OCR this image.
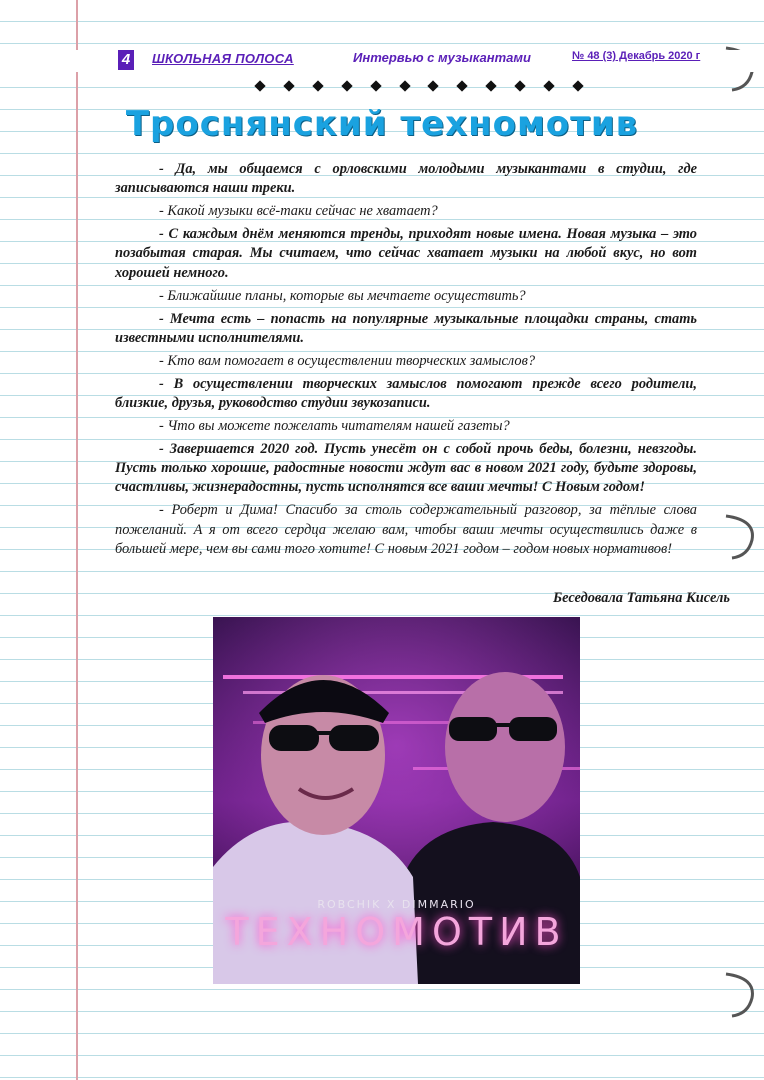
4 ШКОЛЬНАЯ ПОЛОСА	Интервью с музыкантами	№ 48 (3) Декабрь 2020 г
Троснянский техномотив

- Да, мы общаемся с орловскими молодыми музыкантами в студии, где записываются наши треки.

- Какой музыки всё-таки сейчас не хватает?

- С каждым днём меняются тренды, приходят новые имена. Новая музыка – это позабытая старая. Мы считаем, что сейчас хватает музыки на любой вкус, но вот хорошей немного.

- Ближайшие планы, которые вы мечтаете осуществить?

- Мечта есть – попасть на популярные музыкальные площадки страны, стать известными исполнителями.

- Кто вам помогает в осуществлении творческих замыслов?

- В осуществлении творческих замыслов помогают прежде всего родители, близкие, друзья, руководство студии звукозаписи.

- Что вы можете пожелать читателям нашей газеты?

- Завершается 2020 год. Пусть унесёт он с собой прочь беды, болезни, невзгоды. Пусть только хорошие, радостные новости ждут вас в новом 2021 году, будьте здоровы, счастливы, жизнерадостны, пусть исполнятся все ваши мечты! С Новым годом!

- Роберт и Дима! Спасибо за столь содержательный разговор, за тёплые слова пожеланий. А я от всего сердца желаю вам, чтобы ваши мечты осуществились даже в большей мере, чем вы сами того хотите! С новым 2021 годом – годом новых нормативов!

Беседовала Татьяна Кисель
ROBCHIK X DIMMARIO
ТЕХНОМОТИВ
